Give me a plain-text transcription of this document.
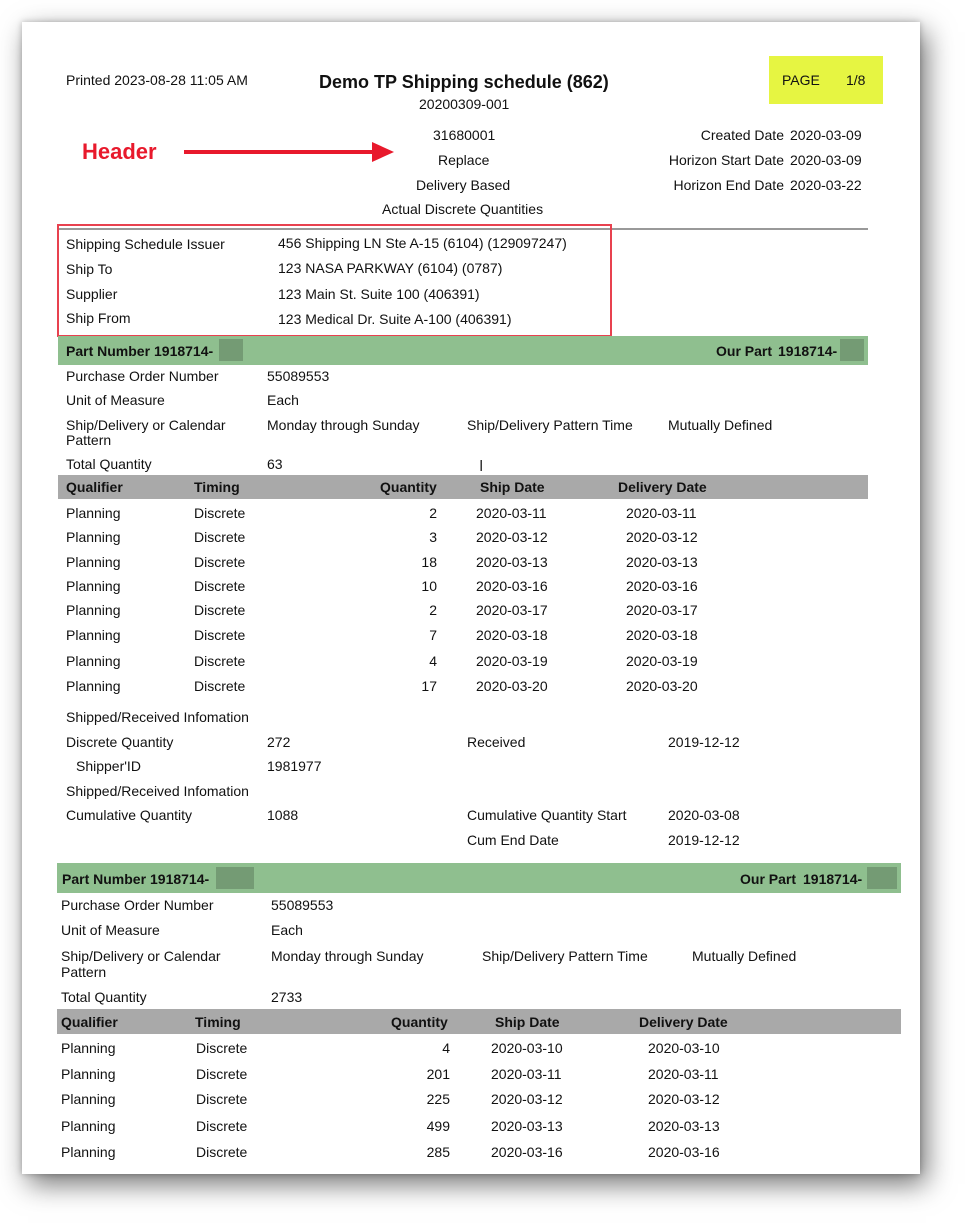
Printed 2023-08-28 11:05 AM	Demo TP Shipping schedule (862)
20200309-001
PAGE 1/8
Header
31680001
Replace
Delivery Based
Actual Discrete Quantities
Created Date 2020-03-09
Horizon Start Date 2020-03-09
Horizon End Date 2020-03-22
Shipping Schedule Issuer	456 Shipping LN Ste A-15 (6104) (129097247)
Ship To	123 NASA PARKWAY (6104) (0787)
Supplier	123 Main St. Suite 100 (406391)
Ship From	123 Medical Dr. Suite A-100 (406391)
Part Number 1918714-	Our Part 1918714-
Purchase Order Number	55089553
Unit of Measure	Each
Ship/Delivery or Calendar
Pattern
Monday through Sunday	Ship/Delivery Pattern Time	Mutually Defined
Total Quantity	63	I
Qualifier	Timing	Quantity	Ship Date	Delivery Date
Planning	Discrete	2	2020-03-11	2020-03-11
Planning	Discrete	3	2020-03-12	2020-03-12
Planning	Discrete	18	2020-03-13	2020-03-13
Planning	Discrete	10	2020-03-16	2020-03-16
Planning	Discrete	2	2020-03-17	2020-03-17
Planning	Discrete	7	2020-03-18	2020-03-18
Planning	Discrete	4	2020-03-19	2020-03-19
Planning	Discrete	17	2020-03-20	2020-03-20
Shipped/Received Infomation
Discrete Quantity	272	Received	2019-12-12
Shipper'ID	1981977
Shipped/Received Infomation
Cumulative Quantity	1088	Cumulative Quantity Start	2020-03-08
Cum End Date	2019-12-12
Part Number 1918714-	Our Part 1918714-
Purchase Order Number	55089553
Unit of Measure	Each
Ship/Delivery or Calendar
Pattern
Monday through Sunday	Ship/Delivery Pattern Time	Mutually Defined
Total Quantity	2733
Qualifier	Timing	Quantity	Ship Date	Delivery Date
Planning	Discrete	4	2020-03-10	2020-03-10
Planning	Discrete	201	2020-03-11	2020-03-11
Planning	Discrete	225	2020-03-12	2020-03-12
Planning	Discrete	499	2020-03-13	2020-03-13
Planning	Discrete	285	2020-03-16	2020-03-16
